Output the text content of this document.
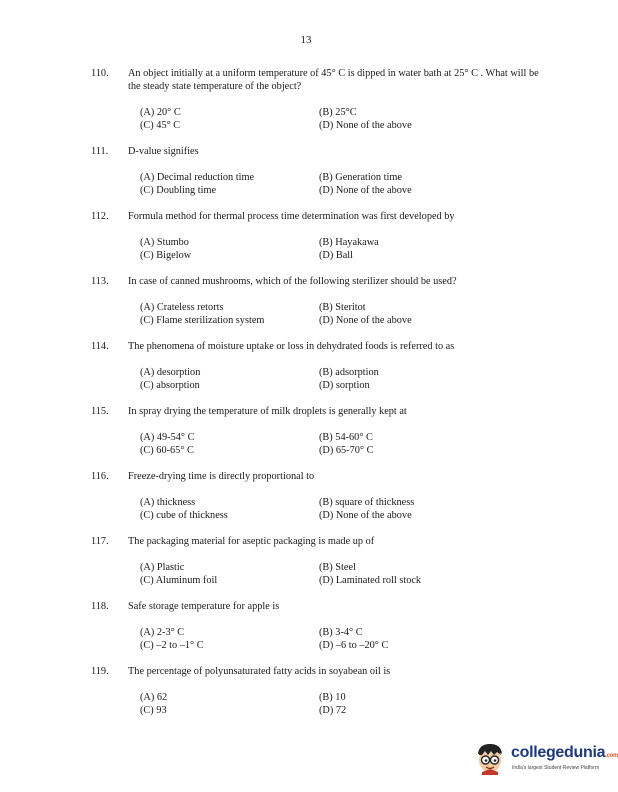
13
110.	An object initially at a uniform temperature of 45° C is dipped in water bath at 25° C . What will be the steady state temperature of the object?
(A) 20° C	(B) 25°C
(C) 45° C	(D) None of the above
111.	D-value signifies
(A) Decimal reduction time	(B) Generation time
(C) Doubling time	(D) None of the above
112.	Formula method for thermal process time determination was first developed by
(A) Stumbo	(B) Hayakawa
(C) Bigelow	(D) Ball
113.	In case of canned mushrooms, which of the following sterilizer should be used?
(A) Crateless retorts	(B) Steritot
(C) Flame sterilization system	(D) None of the above
114.	The phenomena of moisture uptake or loss in dehydrated foods is referred to as
(A) desorption	(B) adsorption
(C) absorption	(D) sorption
115.	In spray drying the temperature of milk droplets is generally kept at
(A) 49-54° C	(B) 54-60° C
(C) 60-65° C	(D) 65-70° C
116.	Freeze-drying time is directly proportional to
(A) thickness	(B) square of thickness
(C) cube of thickness	(D) None of the above
117.	The packaging material for aseptic packaging is made up of
(A) Plastic	(B) Steel
(C) Aluminum foil	(D) Laminated roll stock
118.	Safe storage temperature for apple is
(A) 2-3° C	(B) 3-4° C
(C) –2 to –1° C	(D) –6 to –20° C
119.	The percentage of polyunsaturated fatty acids in soyabean oil is
(A) 62	(B) 10
(C) 93	(D) 72
collegedunia.com
India's largest Student Review Platform
